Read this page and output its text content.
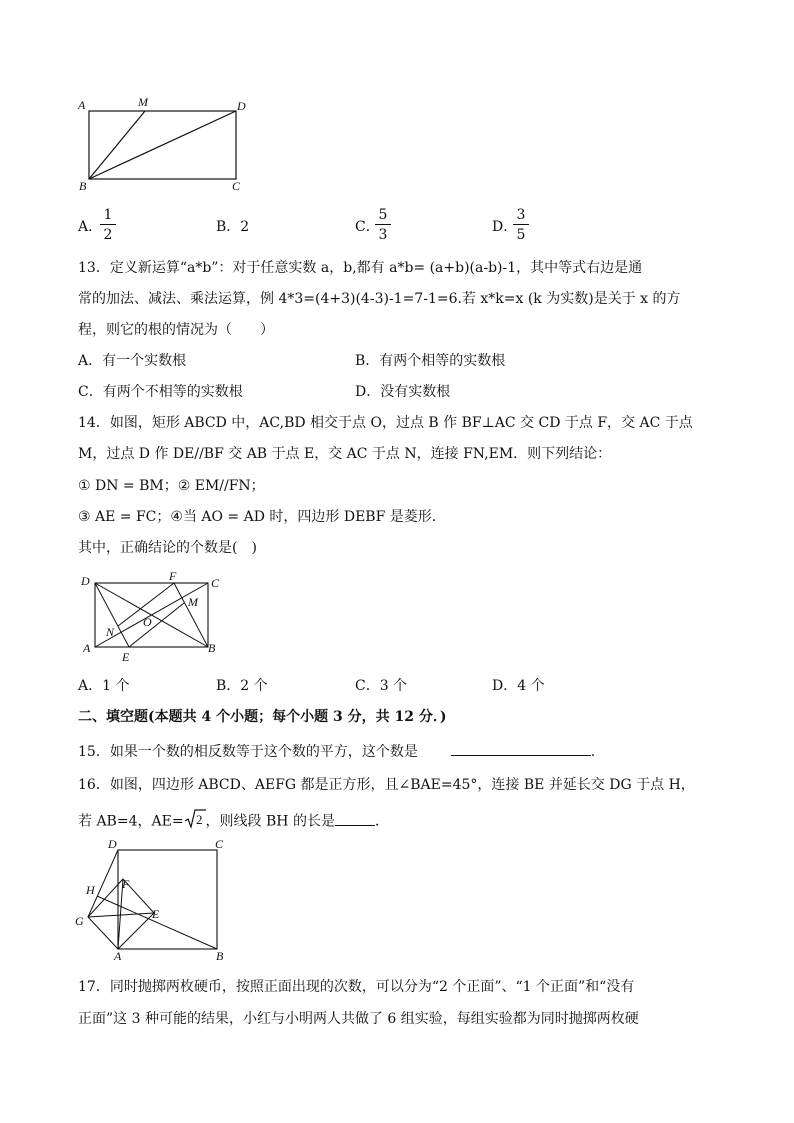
A	M	D
B	C
A．
$\frac{1}{2}$	B．2	C．
$\frac{5}{3}$	D．
$\frac{3}{5}$
13．定义新运算“a*b”：对于任意实数 a，b,都有 a*b= (a+b)(a-b)-1，其中等式右边是通
常的加法、减法、乘法运算，例 4*3=(4+3)(4-3)-1=7-1=6.若 x*k=x (k 为实数)是关于 x 的方
程，则它的根的情况为（　　）
A．有一个实数根	B．有两个相等的实数根
C．有两个不相等的实数根	D．没有实数根
14．如图，矩形 ABCD 中，AC,BD 相交于点 O，过点 B 作 BF⊥AC 交 CD 于点 F，交 AC 于点
M，过点 D 作 DE//BF 交 AB 于点 E，交 AC 于点 N，连接 FN,EM．则下列结论：
① DN = BM；② EM//FN；
③ AE = FC；④当 AO = AD 时，四边形 DEBF 是菱形．
其中，正确结论的个数是(　)
D	F	C
M
O
N
A
E
B
A．1 个	B．2 个	C．3 个	D．4 个
二、填空题(本题共 4 个小题；每个小题 3 分，共 12 分．)
15．如果一个数的相反数等于这个数的平方，这个数是	.
16．如图，四边形 ABCD、AEFG 都是正方形，且∠BAE=45°，连接 BE 并延长交 DG 于点 H，
若 AB=4，AE= 2 ，则线段 BH 的长是	．
D	C
H F
G	E
A	B
17．同时抛掷两枚硬币，按照正面出现的次数，可以分为“2 个正面”、“1 个正面”和“没有
正面”这 3 种可能的结果，小红与小明两人共做了 6 组实验，每组实验都为同时抛掷两枚硬
